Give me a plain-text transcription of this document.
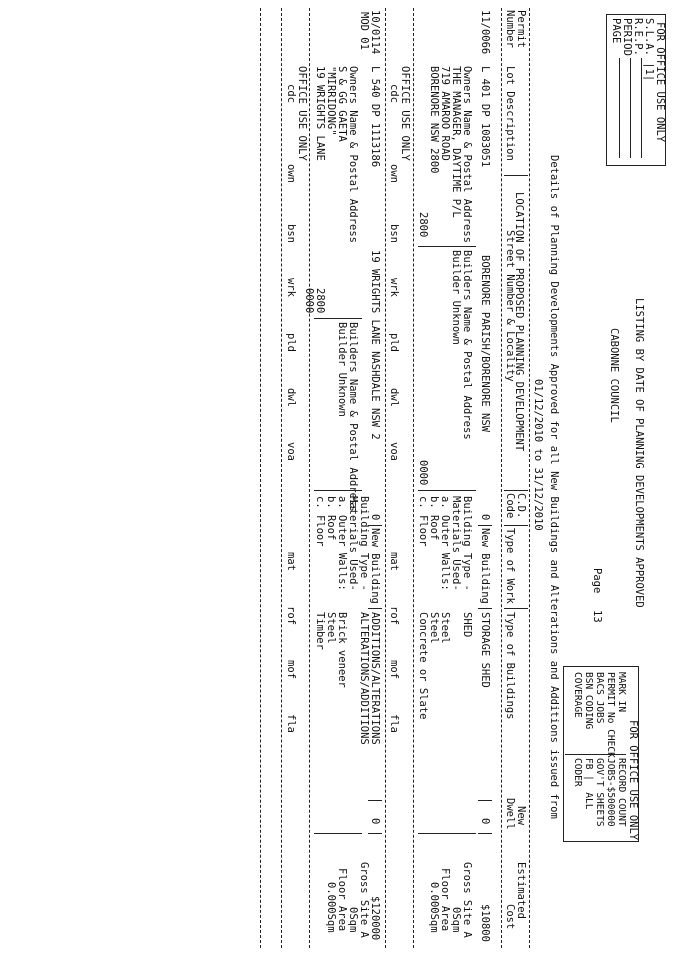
FOR OFFICE USE ONLY
S.L.A. |1|
R.E.P.
PERIOD
PAGE
LISTING BY DATE OF PLANNING DEVELOPMENTS APPROVED
CABONNE COUNCIL
Page
13
Details of Planning Developments Approved for all New Buildings and Alterations and Additions issued from
01/12/2010 to 31/12/2010
FOR OFFICE USE ONLY
MARK IN
PERMIT No CHECK
BACS JOBS
BSN CODING
COVERAGE
RECORD COUNT
JOBS-$500000
GOV'T SHEETS
FB |  ALL
CODER
Permit
Number
Lot Description
LOCATION OF PROPOSED PLANNING DEVELOPMENT
Street Number & Locality
C.D.
Code
Type of Work
Type of Buildings
New
Dwell
Estimated
Cost
11/0066
L 401 DP 1083051
BORENORE PARISH/BORENORE NSW
0
New Building
STORAGE SHED
0
$10800
Owners Name & Postal Address
THE MANAGER, DAYTIME P/L
719 AMAROO ROAD
BORENORE NSW 2800
2800
Builders Name & Postal Address
Builder Unknown
0000
Building Type -
SHED
Materials Used-
a. Outer Walls:
Steel
b. Roof
Steel
c. Floor
Concrete or Slate
Gross Site A
0Sqm
Floor Area
0.000Sqm
OFFICE USE ONLY
cdc
own
bsn
wrk
pld
dwl
voa
mat
rof
mof
fla
10/0114
MOD 01
L 540 DP 1113186
19 WRIGHTS LANE NASHDALE NSW 2
0
New Building
ADDITIONS/ALTERATIONS
0
$120000
Owners Name & Postal Address
S & GG GAETA
"MIRRIDONG"
19 WRIGHTS LANE
2800
Builders Name & Postal Address
Builder Unknown
0000
Building Type -
ALTERATIONS/ADDITIONS
Materials Used-
a. Outer Walls:
Brick veneer
b. Roof
Steel
c. Floor
Timber
Gross Site A
0Sqm
Floor Area
0.000Sqm
OFFICE USE ONLY
cdc
own
bsn
wrk
pld
dwl
voa
mat
rof
mof
fla
